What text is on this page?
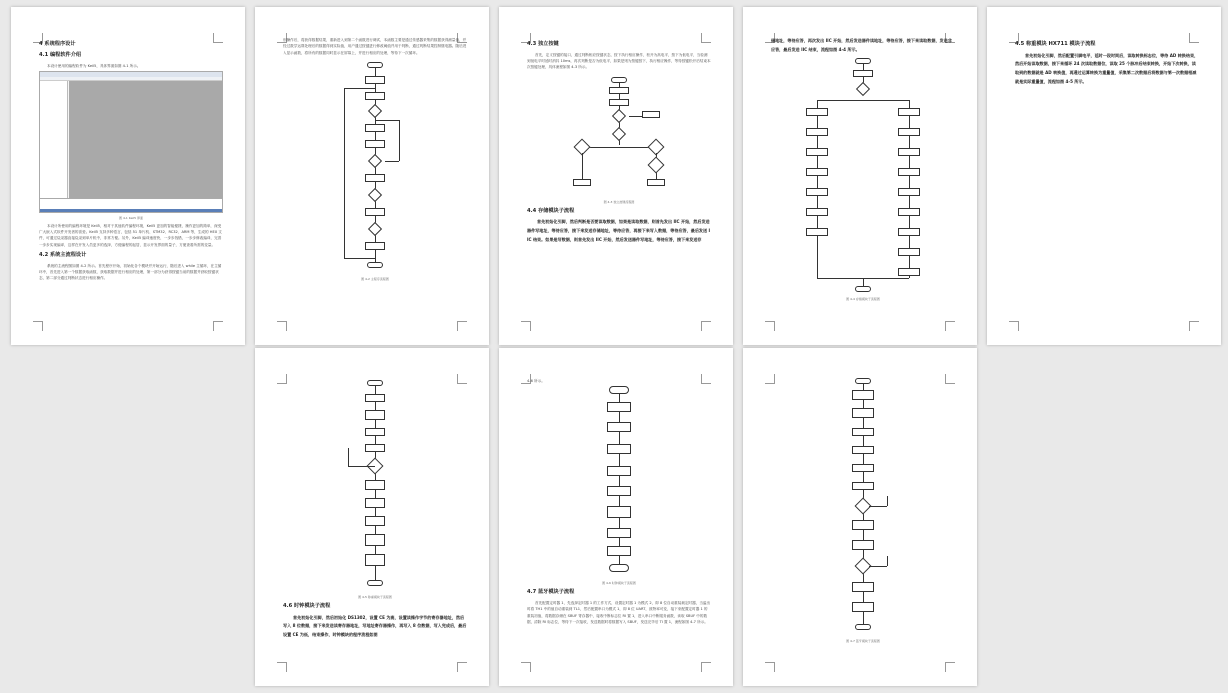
4 系统程序设计
4.1 编程软件介绍
本设计使用的编程软件为 Keil5，具体界面如图 4-1 所示。
图 4-1 Keil5 界面
本设计所使用的编程环境是 Keil5，相对于其他软件编程环境，Keil5 更加的智能便捷，操作更加的简单，深受广大嵌入式软件开发者的喜爱。Keil5 支持多种语言，包括 51 单片机、STM32、RC32、ARM 等，生成的 HEX 文件，可通过烧录器直接烧录到单片机中，非常方便。另外，Keil5 编译速度快，一步步找错，一步步修改编译，完善一步步实现编译，这样在开发入员更多的选择，方便编程的起居，显示开发界面的量子，方便查看所需的变量。
4.2 系统主流程设计
系统的主流程图如图 4-2 所示。首先程序开始，初始化各个模块并开始运行，随后进入 while 主循环，在主循环中，首先进入第一个数据获取函数，获取数据并进行相应的处理，第一部分为获得按键当前的数据并获取按键状态，第二部分通过判断状态进行相应操作。
别操作后，将获得数据结果，重新进入到第二个函数进行调试，本函数主要是通过传感器采集的数据获得测量值，并经过数学运算处理后的数据得到实际值，用户通过按键进行修改阈值并用于判断，通过判断结果控制继电器。随后进入显示函数，将所有的数据同时显示在屏幕上，并进行相应的处理，等待下一次循环。
图 4-2 主程序流程图
4.3 独立按键
首先，定义按键的接口，通过判断相应按键状态，按下执行相应操作，松开为高电平，按下为低电平，当检测到低电平时延时消抖 10ms，再次判断是否为低电平，如果是则为按键按下，执行相应操作，等待按键松开后结束本次按键处理，具体流程如图 4-3 所示。
图 4-3 独立按键流程图
4.4 存储模块子流程
首先初始化引脚，然后判断是否要读取数据，如果是读取数据，则首先发出 IIC 开始，然后发送器件写地址，等待应答，接下来发送存储地址，等待应答，再接下来写入数据，等待应答，最后发送 IIC 结束。如果是写数据，则首先发出 IIC 开始，然后发送器件写地址，等待应答，接下来发送存
储地址，等待应答，再次发出 IIC 开始，然后发送器件读地址，等待应答，接下来读取数据，发送非应答，最后发送 IIC 结束，流程如图 4-4 所示。
图 4-4 存储模块子流程图
4.5 称重模块 HX711 模块子流程
首先初始化引脚，然后配置引脚电平，延时一段时间后，读取转换标志位，等待 AD 转换结束，然后开始读取数据，接下来循环 24 次读取数据位，读取 25 个脉冲后结束转换，开始下次转换，读取到的数据就是 AD 转换值，再通过运算转换为重量值，采集第二次数据后将数据与第一次数据相减就是实际重量值，流程如图 4-5 所示。
图 4-5 称重模块子流程图
4.6 时钟模块子流程
首先初始化引脚，然后初始化 DS1302，设置 CE 为高，设置读操作字节的寄存器地址，然后写入 8 位数据，接下来发送读寄存器地址，写地址寄存器操作，再写入 8 位数据，写入完成后，最后设置 CE 为低，结束操作，时钟模块的程序流程如图
4-6 所示。
图 4-6 时钟模块子流程图
4.7 蓝牙模块子流程
首先配置定时器 1，先选择定时器 1 的工作方式，设置定时器 1 为模式 2，即 8 位自动重装载定时器，当溢出时将 TH1 中的值自动重装到 TL1，然后配置串口为模式 1，即 8 位 UART，波特率可变，接下来配置定时器 1 的重装初值，将数据存储在 SBUF 寄存器中，接收中断标志位 RI 置 1，进入串口中断服务函数，读取 SBUF 中的数据，清除 RI 标志位，等待下一次接收，发送数据时将数据写入 SBUF，发送完毕后 TI 置 1，流程如图 4-7 所示。
图 4-7 蓝牙模块子流程图
